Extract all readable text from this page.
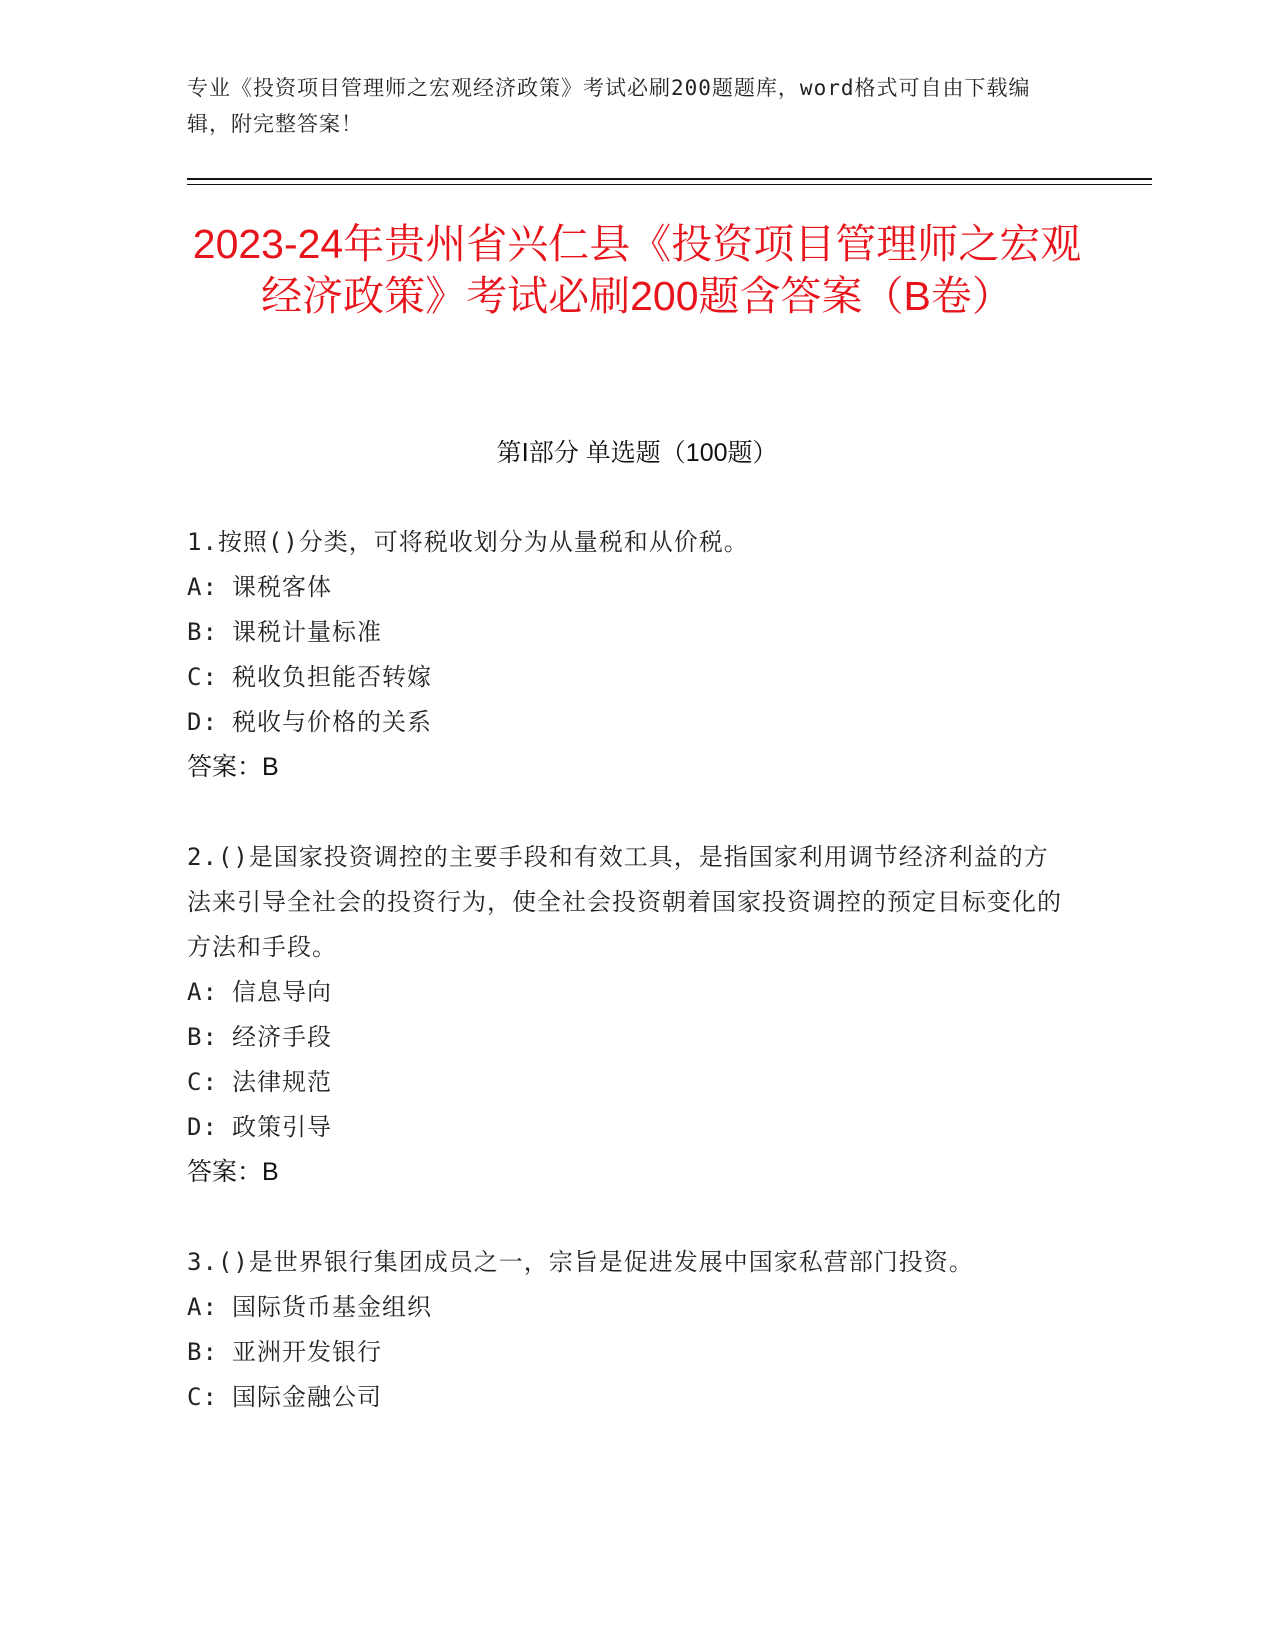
专业《投资项目管理师之宏观经济政策》考试必刷200题题库，word格式可自由下载编辑，附完整答案！
2023-24年贵州省兴仁县《投资项目管理师之宏观经济政策》考试必刷200题含答案（B卷）
第Ⅰ部分 单选题（100题）
1.按照()分类，可将税收划分为从量税和从价税。
A: 课税客体
B: 课税计量标准
C: 税收负担能否转嫁
D: 税收与价格的关系
答案：B
2.()是国家投资调控的主要手段和有效工具，是指国家利用调节经济利益的方法来引导全社会的投资行为，使全社会投资朝着国家投资调控的预定目标变化的方法和手段。
A: 信息导向
B: 经济手段
C: 法律规范
D: 政策引导
答案：B
3.()是世界银行集团成员之一，宗旨是促进发展中国家私营部门投资。
A: 国际货币基金组织
B: 亚洲开发银行
C: 国际金融公司
